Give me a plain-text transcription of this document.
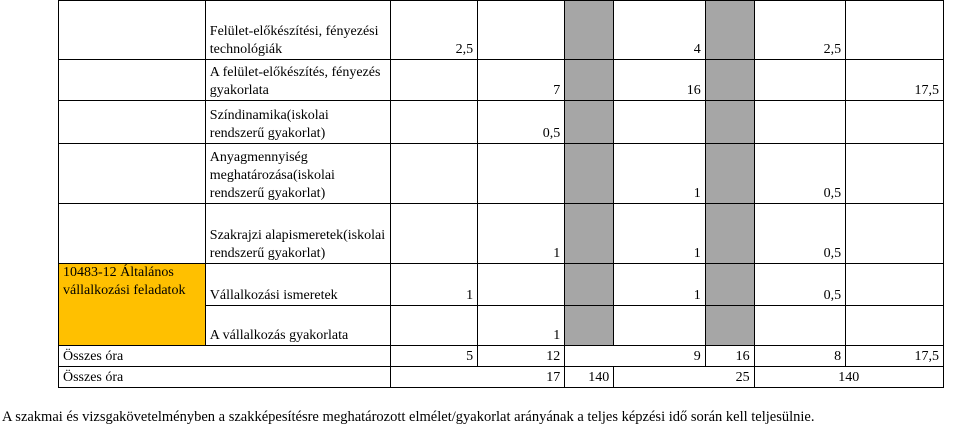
	Felület-előkészítési, fényezési technológiák	2,5			4		2,5	
	A felület-előkészítés, fényezés gyakorlata		7		16			17,5
	Színdinamika(iskolai rendszerű gyakorlat)		0,5					
	Anyagmennyiség meghatározása(iskolai rendszerű gyakorlat)				1		0,5	
	Szakrajzi alapismeretek(iskolai rendszerű gyakorlat)		1		1		0,5	
10483-12 Általános vállalkozási feladatok	Vállalkozási ismeretek	1			1		0,5	
	A vállalkozás gyakorlata		1					
Összes óra		5	12	9		16	8	17,5
Összes óra		17		140	25		140	
A szakmai és vizsgakövetelményben a szakképesítésre meghatározott elmélet/gyakorlat arányának a teljes képzési idő során kell teljesülnie.
